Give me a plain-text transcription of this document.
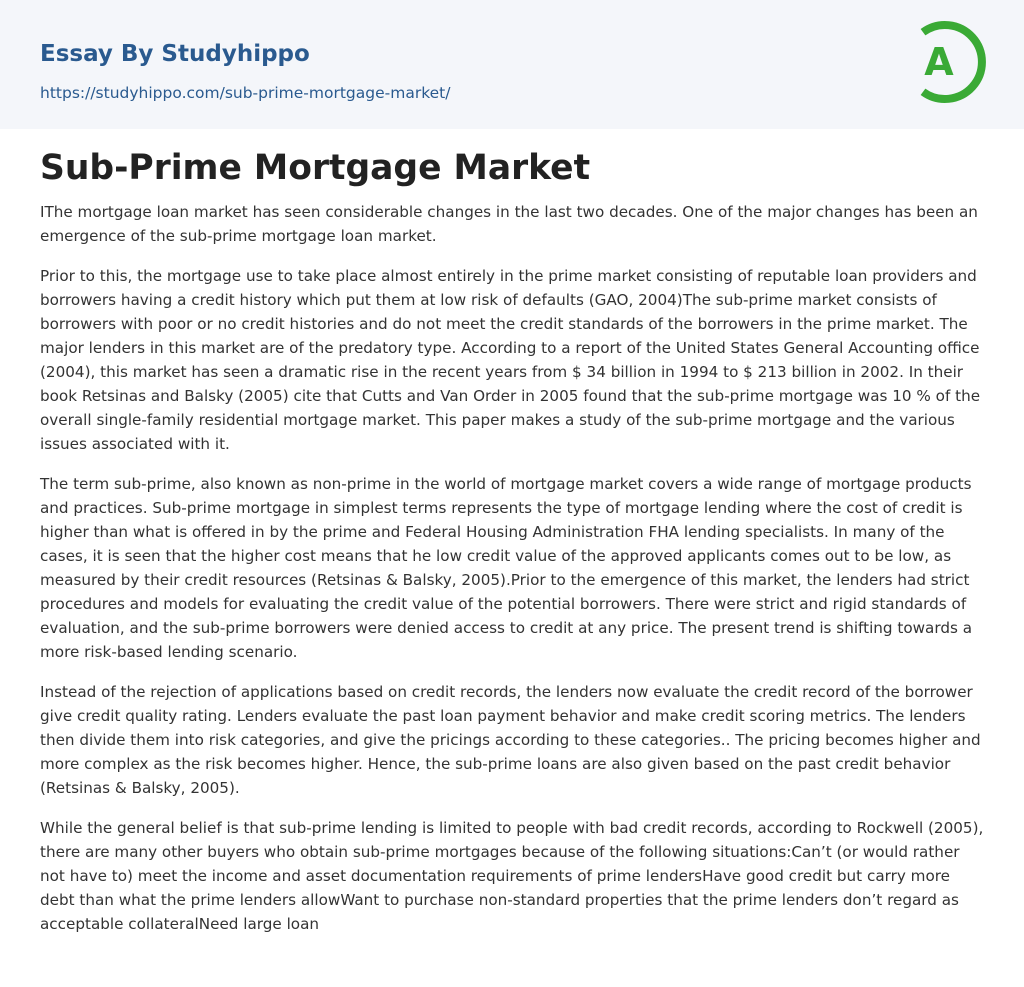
Essay By Studyhippo
https://studyhippo.com/sub-prime-mortgage-market/
A
Sub-Prime Mortgage Market

IThe mortgage loan market has seen considerable changes in the last two decades. One of the major changes has been an emergence of the sub-prime mortgage loan market.

Prior to this, the mortgage use to take place almost entirely in the prime market consisting of reputable loan providers and borrowers having a credit history which put them at low risk of defaults (GAO, 2004)The sub-prime market consists of borrowers with poor or no credit histories and do not meet the credit standards of the borrowers in the prime market. The major lenders in this market are of the predatory type. According to a report of the United States General Accounting office (2004), this market has seen a dramatic rise in the recent years from $ 34 billion in 1994 to $ 213 billion in 2002. In their book Retsinas and Balsky (2005) cite that Cutts and Van Order in 2005 found that the sub-prime mortgage was 10 % of the overall single-family residential mortgage market. This paper makes a study of the sub-prime mortgage and the various issues associated with it.

The term sub-prime, also known as non-prime in the world of mortgage market covers a wide range of mortgage products and practices. Sub-prime mortgage in simplest terms represents the type of mortgage lending where the cost of credit is higher than what is offered in by the prime and Federal Housing Administration FHA lending specialists. In many of the cases, it is seen that the higher cost means that he low credit value of the approved applicants comes out to be low, as measured by their credit resources (Retsinas & Balsky, 2005).Prior to the emergence of this market, the lenders had strict procedures and models for evaluating the credit value of the potential borrowers. There were strict and rigid standards of evaluation, and the sub-prime borrowers were denied access to credit at any price. The present trend is shifting towards a more risk-based lending scenario.

Instead of the rejection of applications based on credit records, the lenders now evaluate the credit record of the borrower give credit quality rating. Lenders evaluate the past loan payment behavior and make credit scoring metrics. The lenders then divide them into risk categories, and give the pricings according to these categories.. The pricing becomes higher and more complex as the risk becomes higher. Hence, the sub-prime loans are also given based on the past credit behavior (Retsinas & Balsky, 2005).

While the general belief is that sub-prime lending is limited to people with bad credit records, according to Rockwell (2005), there are many other buyers who obtain sub-prime mortgages because of the following situations:Can’t (or would rather not have to) meet the income and asset documentation requirements of prime lendersHave good credit but carry more debt than what the prime lenders allowWant to purchase non-standard properties that the prime lenders don’t regard as acceptable collateralNeed large loan
